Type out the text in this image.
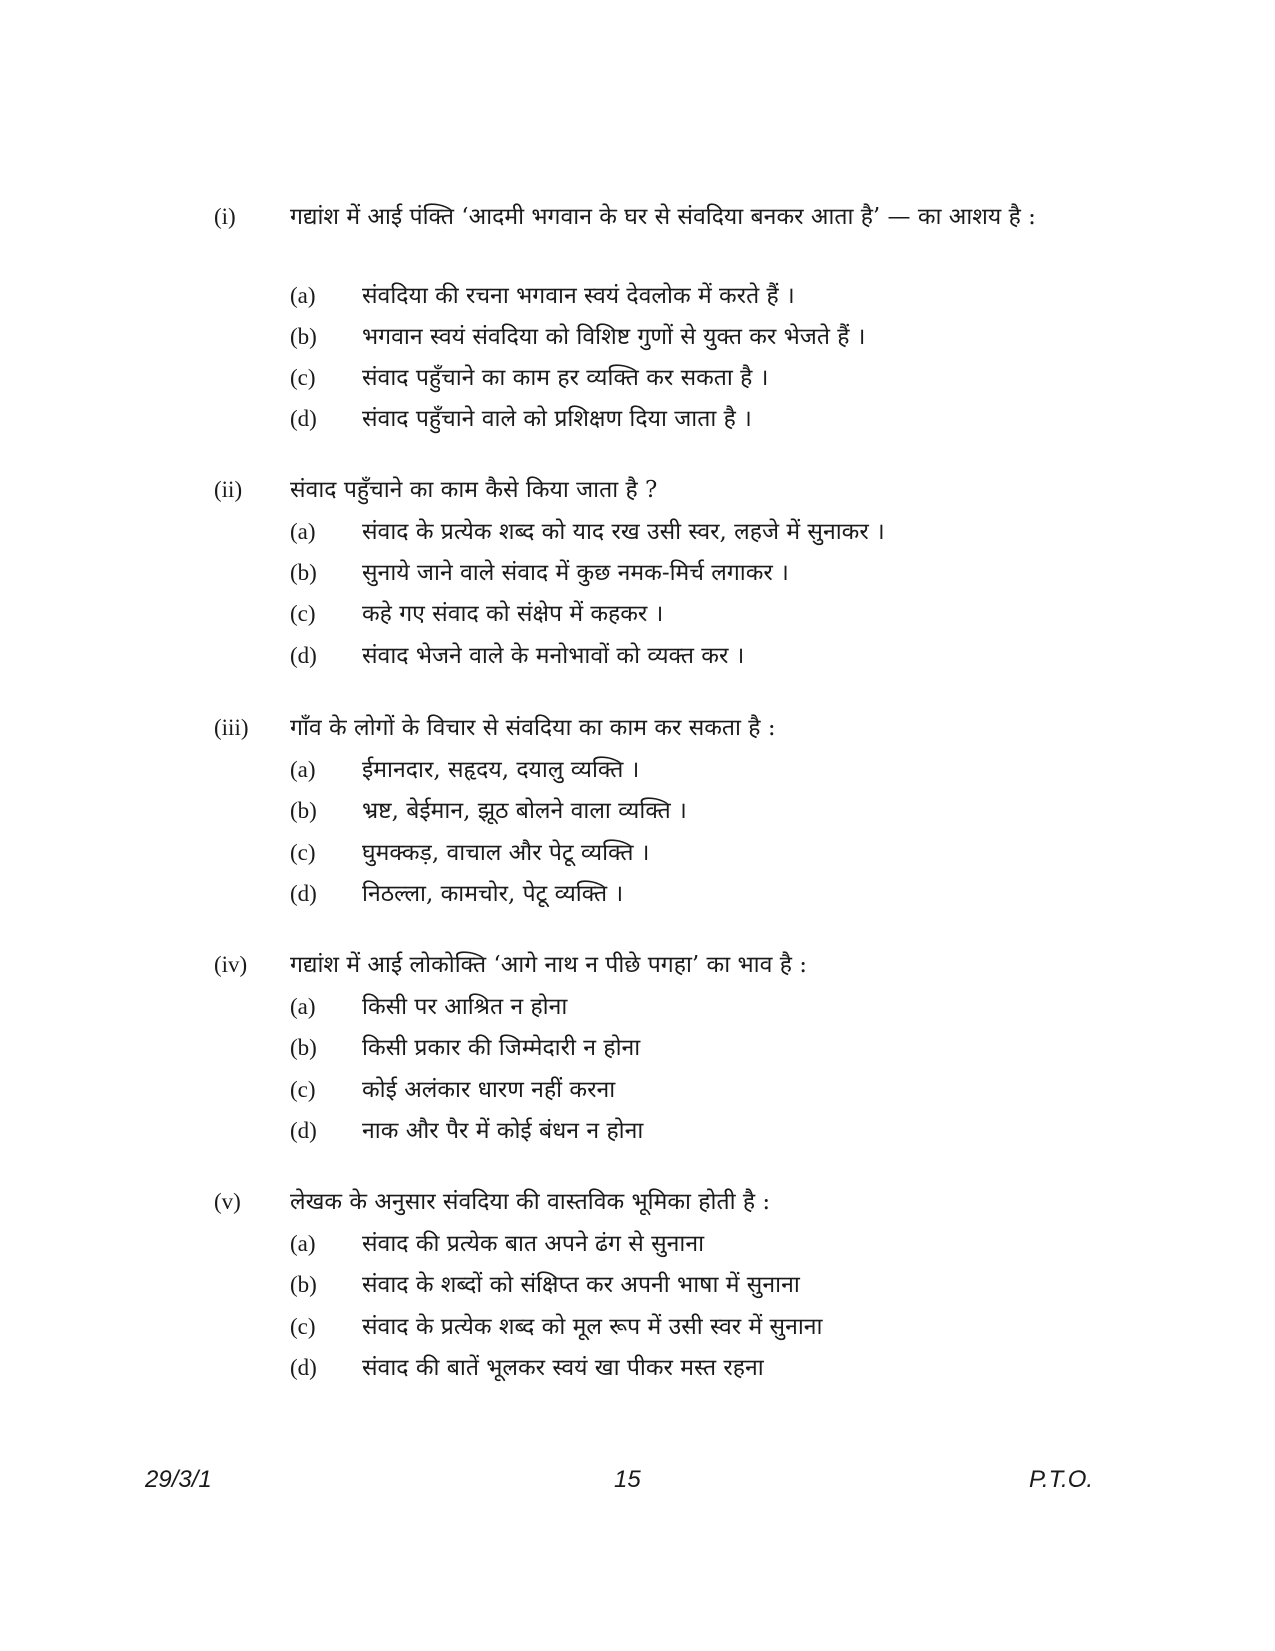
(i) गद्यांश में आई पंक्ति ‘आदमी भगवान के घर से संवदिया बनकर आता है’ — का आशय है :
(a) संवदिया की रचना भगवान स्वयं देवलोक में करते हैं ।
(b) भगवान स्वयं संवदिया को विशिष्ट गुणों से युक्त कर भेजते हैं ।
(c) संवाद पहुँचाने का काम हर व्यक्ति कर सकता है ।
(d) संवाद पहुँचाने वाले को प्रशिक्षण दिया जाता है ।
(ii) संवाद पहुँचाने का काम कैसे किया जाता है ?
(a) संवाद के प्रत्येक शब्द को याद रख उसी स्वर, लहजे में सुनाकर ।
(b) सुनाये जाने वाले संवाद में कुछ नमक-मिर्च लगाकर ।
(c) कहे गए संवाद को संक्षेप में कहकर ।
(d) संवाद भेजने वाले के मनोभावों को व्यक्त कर ।
(iii) गाँव के लोगों के विचार से संवदिया का काम कर सकता है :
(a) ईमानदार, सहृदय, दयालु व्यक्ति ।
(b) भ्रष्ट, बेईमान, झूठ बोलने वाला व्यक्ति ।
(c) घुमक्कड़, वाचाल और पेटू व्यक्ति ।
(d) निठल्ला, कामचोर, पेटू व्यक्ति ।
(iv) गद्यांश में आई लोकोक्ति ‘आगे नाथ न पीछे पगहा’ का भाव है :
(a) किसी पर आश्रित न होना
(b) किसी प्रकार की जिम्मेदारी न होना
(c) कोई अलंकार धारण नहीं करना
(d) नाक और पैर में कोई बंधन न होना
(v) लेखक के अनुसार संवदिया की वास्तविक भूमिका होती है :
(a) संवाद की प्रत्येक बात अपने ढंग से सुनाना
(b) संवाद के शब्दों को संक्षिप्त कर अपनी भाषा में सुनाना
(c) संवाद के प्रत्येक शब्द को मूल रूप में उसी स्वर में सुनाना
(d) संवाद की बातें भूलकर स्वयं खा पीकर मस्त रहना
29/3/1	15	P.T.O.
